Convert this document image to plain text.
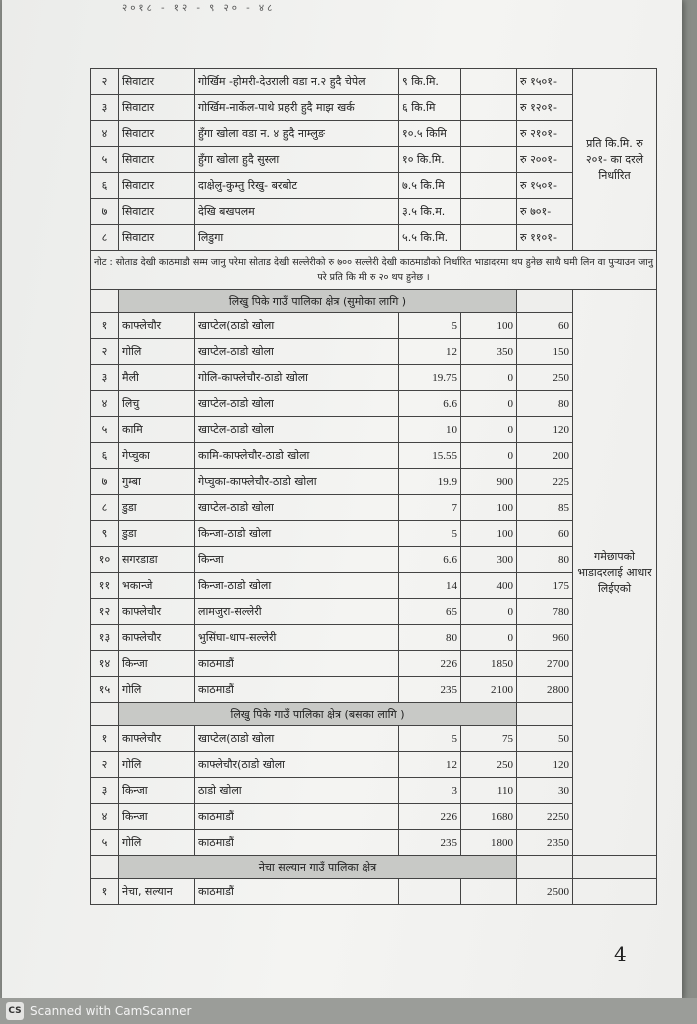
२०१८ - १२ - ९ २० - ४८
२	सिवाटार	गोर्खिम -होमरी-देउराली वडा न.२ हुदै चेपेल	९ कि.मि.		रु १५०१-	प्रति कि.मि. रु २०१- का दरले निर्धारित
३	सिवाटार	गोर्खिम-नार्केल-पाथे प्रहरी हुदै माझ खर्क	६ कि.मि		रु १२०१-	
४	सिवाटार	हुँगा खोला वडा न. ४ हुदै नाम्लुङ	१०.५ किमि		रु २१०१-	
५	सिवाटार	हुँगा खोला हुदै सुस्ला	१० कि.मि.		रु २००१-	
६	सिवाटार	दाक्षेलु-कुम्तु रिखु- बरबोट	७.५ कि.मि		रु १५०१-	
७	सिवाटार	देखि बखपलम	३.५ कि.म.		रु ७०१-	
८	सिवाटार	लिडुगा	५.५ कि.मि.		रु ११०१-	
नोट : सोताड देखी काठमाडौ सम्म जानु परेमा सोताड देखी सल्लेरीको रु ७०० सल्लेरी देखी काठमाडौको निर्धारित भाडादरमा थप हुनेछ साथै घमी लिन वा पुऱ्याउन जानु परे प्रति कि मी रु २० थप हुनेछ ।						
	लिखु पिके गाउँ पालिका क्षेत्र (सुमोका लागि )					गमेछापको भाडादरलाई आधार लिईएको
१	काफ्लेचौर	खाप्टेल(ठाडो खोला	5	100	60	
२	गोलि	खाप्टेल-ठाडो खोला	12	350	150	
३	मैली	गोलि-काफ्लेचौर-ठाडो खोला	19.75	0	250	
४	लिचु	खाप्टेल-ठाडो खोला	6.6	0	80	
५	कामि	खाप्टेल-ठाडो खोला	10	0	120	
६	गेप्चुका	कामि-काफ्लेचौर-ठाडो खोला	15.55	0	200	
७	गुम्बा	गेप्चुका-काफ्लेचौर-ठाडो खोला	19.9	900	225	
८	डुडा	खाप्टेल-ठाडो खोला	7	100	85	
९	डुडा	किन्जा-ठाडो खोला	5	100	60	
१०	सगरडाडा	किन्जा	6.6	300	80	
११	भकान्जे	किन्जा-ठाडो खोला	14	400	175	
१२	काफ्लेचौर	लामजुरा-सल्लेरी	65	0	780	
१३	काफ्लेचौर	भुसिंघा-धाप-सल्लेरी	80	0	960	
१४	किन्जा	काठमाडौं	226	1850	2700	
१५	गोलि	काठमाडौं	235	2100	2800	
	लिखु पिके गाउँ पालिका क्षेत्र (बसका लागि )					
१	काफ्लेचौर	खाप्टेल(ठाडो खोला	5	75	50	
२	गोलि	काफ्लेचौर(ठाडो खोला	12	250	120	
३	किन्जा	ठाडो खोला	3	110	30	
४	किन्जा	काठमाडौं	226	1680	2250	
५	गोलि	काठमाडौं	235	1800	2350	
	नेचा सल्यान गाउँ पालिका क्षेत्र					
१	नेचा, सल्यान	काठमाडौं			2500	
4
CS Scanned with CamScanner
